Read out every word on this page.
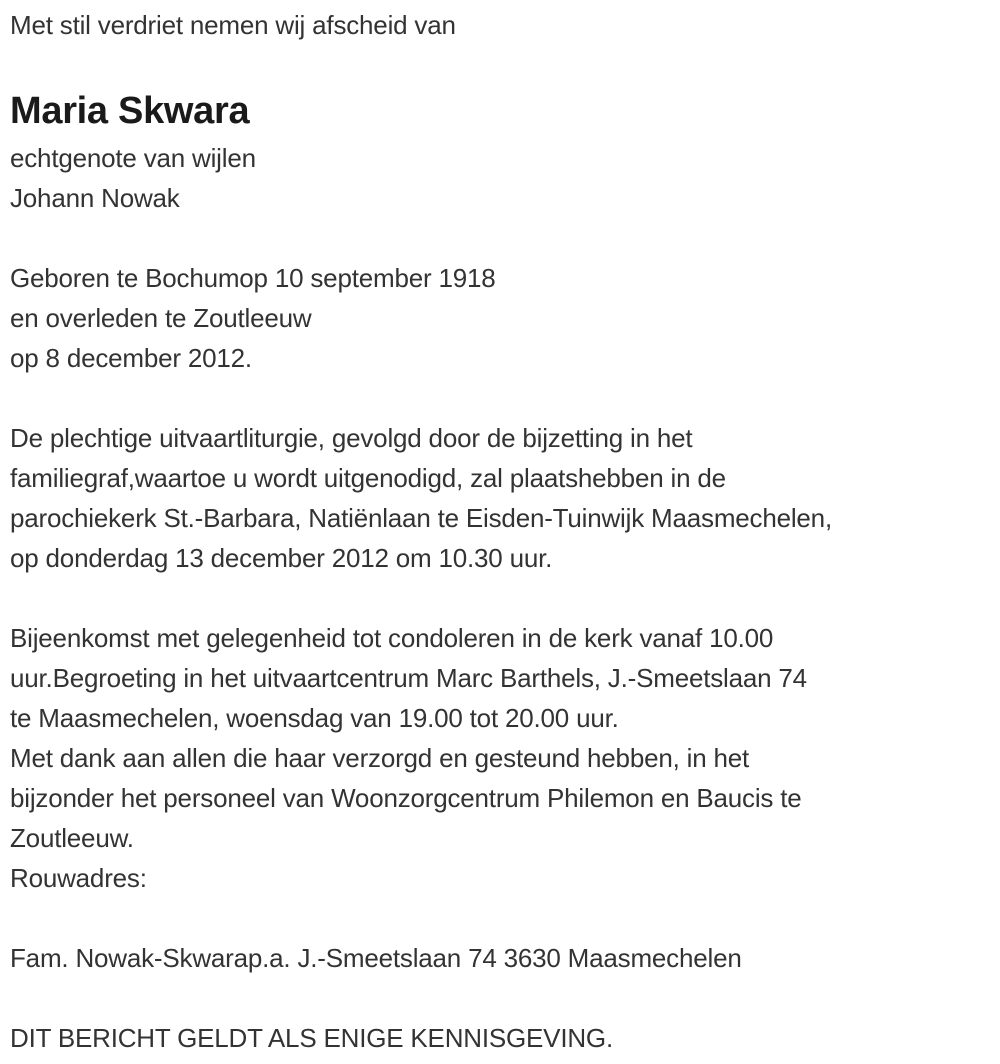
Met stil verdriet nemen wij afscheid van
Maria Skwara
echtgenote van wijlen
Johann Nowak
Geboren te Bochumop 10 september 1918
en overleden te Zoutleeuw
op 8 december 2012.
De plechtige uitvaartliturgie, gevolgd door de bijzetting in het
familiegraf,waartoe u wordt uitgenodigd, zal plaatshebben in de
parochiekerk St.-Barbara, Natiënlaan te Eisden-Tuinwijk Maasmechelen,
op donderdag 13 december 2012 om 10.30 uur.
Bijeenkomst met gelegenheid tot condoleren in de kerk vanaf 10.00
uur.Begroeting in het uitvaartcentrum Marc Barthels, J.-Smeetslaan 74
te Maasmechelen, woensdag van 19.00 tot 20.00 uur.
Met dank aan allen die haar verzorgd en gesteund hebben, in het
bijzonder het personeel van Woonzorgcentrum Philemon en Baucis te
Zoutleeuw.
Rouwadres:
Fam. Nowak-Skwarap.a. J.-Smeetslaan 74 3630 Maasmechelen
DIT BERICHT GELDT ALS ENIGE KENNISGEVING.
